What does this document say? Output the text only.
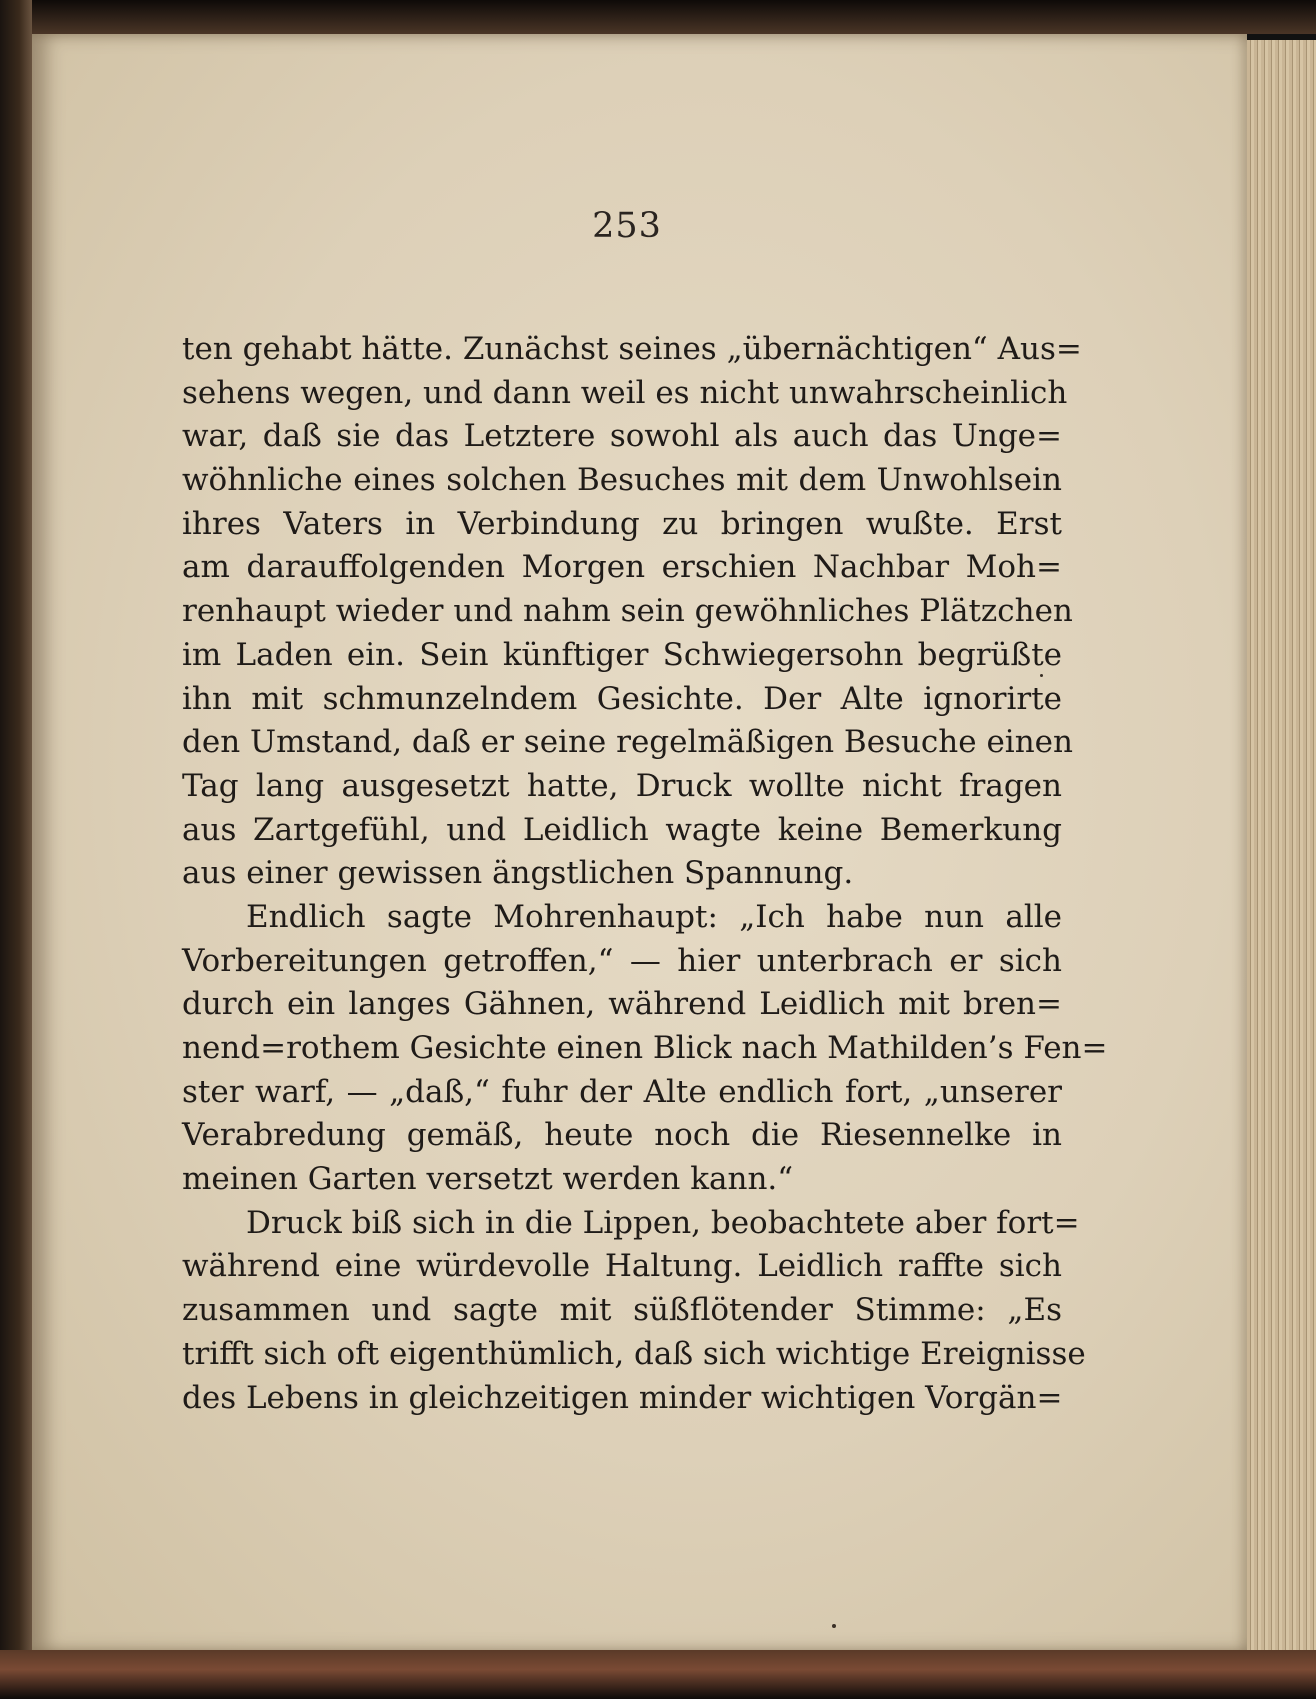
253
ten gehabt hätte. Zunächst seines „übernächtigen“ Aus=
sehens wegen, und dann weil es nicht unwahrscheinlich
war, daß sie das Letztere sowohl als auch das Unge=
wöhnliche eines solchen Besuches mit dem Unwohlsein
ihres Vaters in Verbindung zu bringen wußte. Erst
am darauffolgenden Morgen erschien Nachbar Moh=
renhaupt wieder und nahm sein gewöhnliches Plätzchen
im Laden ein. Sein künftiger Schwiegersohn begrüßte
ihn mit schmunzelndem Gesichte. Der Alte ignorirte
den Umstand, daß er seine regelmäßigen Besuche einen
Tag lang ausgesetzt hatte, Druck wollte nicht fragen
aus Zartgefühl, und Leidlich wagte keine Bemerkung
aus einer gewissen ängstlichen Spannung.
Endlich sagte Mohrenhaupt: „Ich habe nun alle
Vorbereitungen getroffen,“ — hier unterbrach er sich
durch ein langes Gähnen, während Leidlich mit bren=
nend=rothem Gesichte einen Blick nach Mathilden’s Fen=
ster warf, — „daß,“ fuhr der Alte endlich fort, „unserer
Verabredung gemäß, heute noch die Riesennelke in
meinen Garten versetzt werden kann.“
Druck biß sich in die Lippen, beobachtete aber fort=
während eine würdevolle Haltung. Leidlich raffte sich
zusammen und sagte mit süßflötender Stimme: „Es
trifft sich oft eigenthümlich, daß sich wichtige Ereignisse
des Lebens in gleichzeitigen minder wichtigen Vorgän=
